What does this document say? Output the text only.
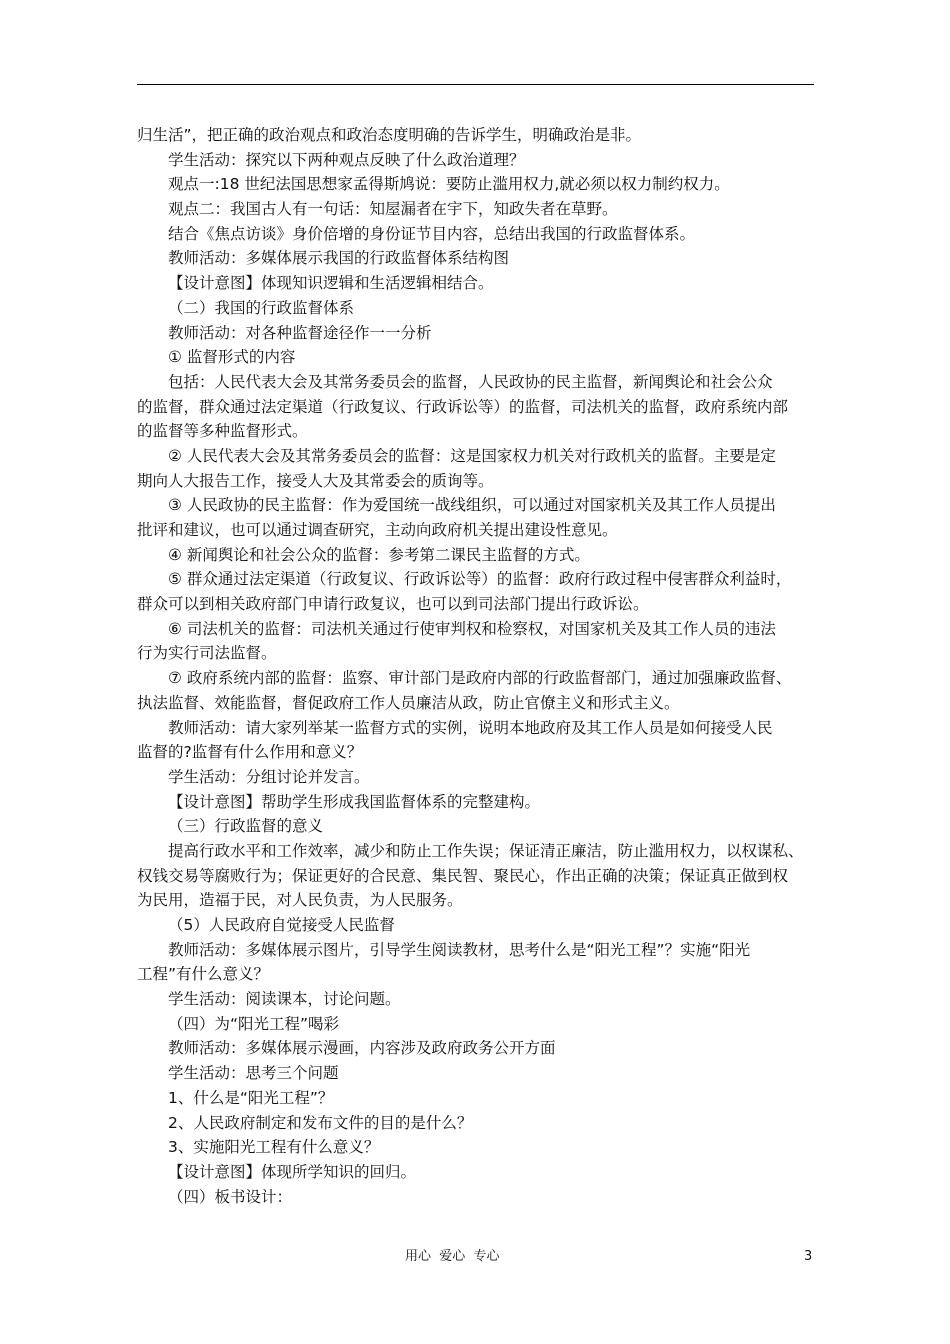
归生活”，把正确的政治观点和政治态度明确的告诉学生，明确政治是非。
学生活动：探究以下两种观点反映了什么政治道理？
观点一:18 世纪法国思想家孟得斯鸠说：要防止滥用权力,就必须以权力制约权力。
观点二：我国古人有一句话：知屋漏者在宇下，知政失者在草野。
结合《焦点访谈》身价倍增的身份证节目内容，总结出我国的行政监督体系。
教师活动：多媒体展示我国的行政监督体系结构图
【设计意图】体现知识逻辑和生活逻辑相结合。
（二）我国的行政监督体系
教师活动：对各种监督途径作一一分析
① 监督形式的内容
包括：人民代表大会及其常务委员会的监督，人民政协的民主监督，新闻舆论和社会公众
的监督，群众通过法定渠道（行政复议、行政诉讼等）的监督，司法机关的监督，政府系统内部
的监督等多种监督形式。
② 人民代表大会及其常务委员会的监督：这是国家权力机关对行政机关的监督。主要是定
期向人大报告工作，接受人大及其常委会的质询等。
③ 人民政协的民主监督：作为爱国统一战线组织，可以通过对国家机关及其工作人员提出
批评和建议，也可以通过调查研究，主动向政府机关提出建设性意见。
④ 新闻舆论和社会公众的监督：参考第二课民主监督的方式。
⑤ 群众通过法定渠道（行政复议、行政诉讼等）的监督：政府行政过程中侵害群众利益时，
群众可以到相关政府部门申请行政复议，也可以到司法部门提出行政诉讼。
⑥ 司法机关的监督：司法机关通过行使审判权和检察权，对国家机关及其工作人员的违法
行为实行司法监督。
⑦ 政府系统内部的监督：监察、审计部门是政府内部的行政监督部门，通过加强廉政监督、
执法监督、效能监督，督促政府工作人员廉洁从政，防止官僚主义和形式主义。
教师活动：请大家列举某一监督方式的实例，说明本地政府及其工作人员是如何接受人民
监督的?监督有什么作用和意义？
学生活动：分组讨论并发言。
【设计意图】帮助学生形成我国监督体系的完整建构。
（三）行政监督的意义
提高行政水平和工作效率，减少和防止工作失误；保证清正廉洁，防止滥用权力，以权谋私、
权钱交易等腐败行为；保证更好的合民意、集民智、聚民心，作出正确的决策；保证真正做到权
为民用，造福于民，对人民负责，为人民服务。
（5）人民政府自觉接受人民监督
教师活动：多媒体展示图片，引导学生阅读教材，思考什么是“阳光工程”？实施“阳光
工程”有什么意义？
学生活动：阅读课本，讨论问题。
（四）为“阳光工程”喝彩
教师活动：多媒体展示漫画，内容涉及政府政务公开方面
学生活动：思考三个问题
1、什么是“阳光工程”？
2、人民政府制定和发布文件的目的是什么？
3、实施阳光工程有什么意义？
【设计意图】体现所学知识的回归。
（四）板书设计：
用心  爱心  专心	3
